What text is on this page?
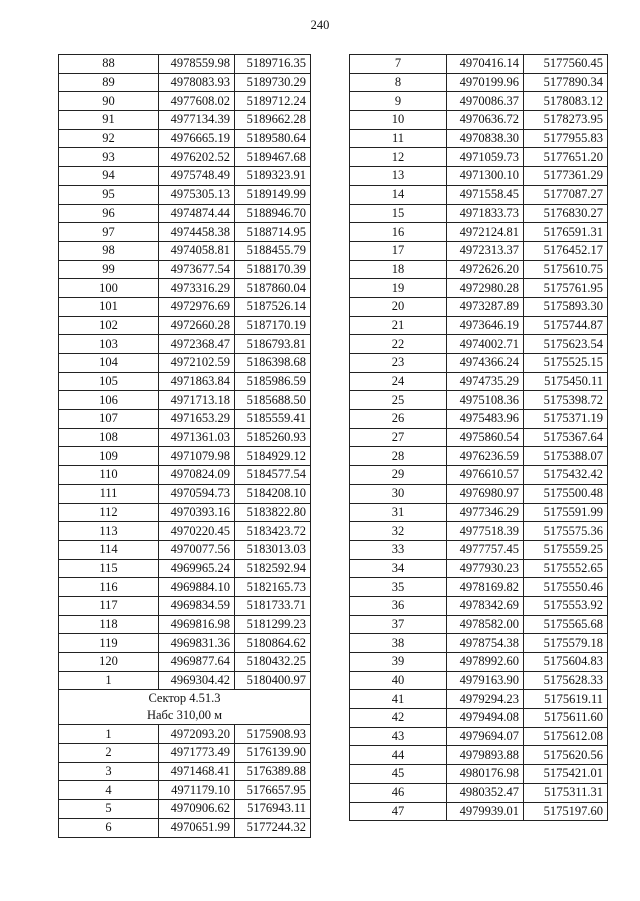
240
88	4978559.98	5189716.35
89	4978083.93	5189730.29
90	4977608.02	5189712.24
91	4977134.39	5189662.28
92	4976665.19	5189580.64
93	4976202.52	5189467.68
94	4975748.49	5189323.91
95	4975305.13	5189149.99
96	4974874.44	5188946.70
97	4974458.38	5188714.95
98	4974058.81	5188455.79
99	4973677.54	5188170.39
100	4973316.29	5187860.04
101	4972976.69	5187526.14
102	4972660.28	5187170.19
103	4972368.47	5186793.81
104	4972102.59	5186398.68
105	4971863.84	5185986.59
106	4971713.18	5185688.50
107	4971653.29	5185559.41
108	4971361.03	5185260.93
109	4971079.98	5184929.12
110	4970824.09	5184577.54
111	4970594.73	5184208.10
112	4970393.16	5183822.80
113	4970220.45	5183423.72
114	4970077.56	5183013.03
115	4969965.24	5182592.94
116	4969884.10	5182165.73
117	4969834.59	5181733.71
118	4969816.98	5181299.23
119	4969831.36	5180864.62
120	4969877.64	5180432.25
1	4969304.42	5180400.97

Сектор 4.51.3
Набс 310,00 м		

1	4972093.20	5175908.93
2	4971773.49	5176139.90
3	4971468.41	5176389.88
4	4971179.10	5176657.95
5	4970906.62	5176943.11
6	4970651.99	5177244.32
7	4970416.14	5177560.45
8	4970199.96	5177890.34
9	4970086.37	5178083.12
10	4970636.72	5178273.95
11	4970838.30	5177955.83
12	4971059.73	5177651.20
13	4971300.10	5177361.29
14	4971558.45	5177087.27
15	4971833.73	5176830.27
16	4972124.81	5176591.31
17	4972313.37	5176452.17
18	4972626.20	5175610.75
19	4972980.28	5175761.95
20	4973287.89	5175893.30
21	4973646.19	5175744.87
22	4974002.71	5175623.54
23	4974366.24	5175525.15
24	4974735.29	5175450.11
25	4975108.36	5175398.72
26	4975483.96	5175371.19
27	4975860.54	5175367.64
28	4976236.59	5175388.07
29	4976610.57	5175432.42
30	4976980.97	5175500.48
31	4977346.29	5175591.99
32	4977518.39	5175575.36
33	4977757.45	5175559.25
34	4977930.23	5175552.65
35	4978169.82	5175550.46
36	4978342.69	5175553.92
37	4978582.00	5175565.68
38	4978754.38	5175579.18
39	4978992.60	5175604.83
40	4979163.90	5175628.33
41	4979294.23	5175619.11
42	4979494.08	5175611.60
43	4979694.07	5175612.08
44	4979893.88	5175620.56
45	4980176.98	5175421.01
46	4980352.47	5175311.31
47	4979939.01	5175197.60
